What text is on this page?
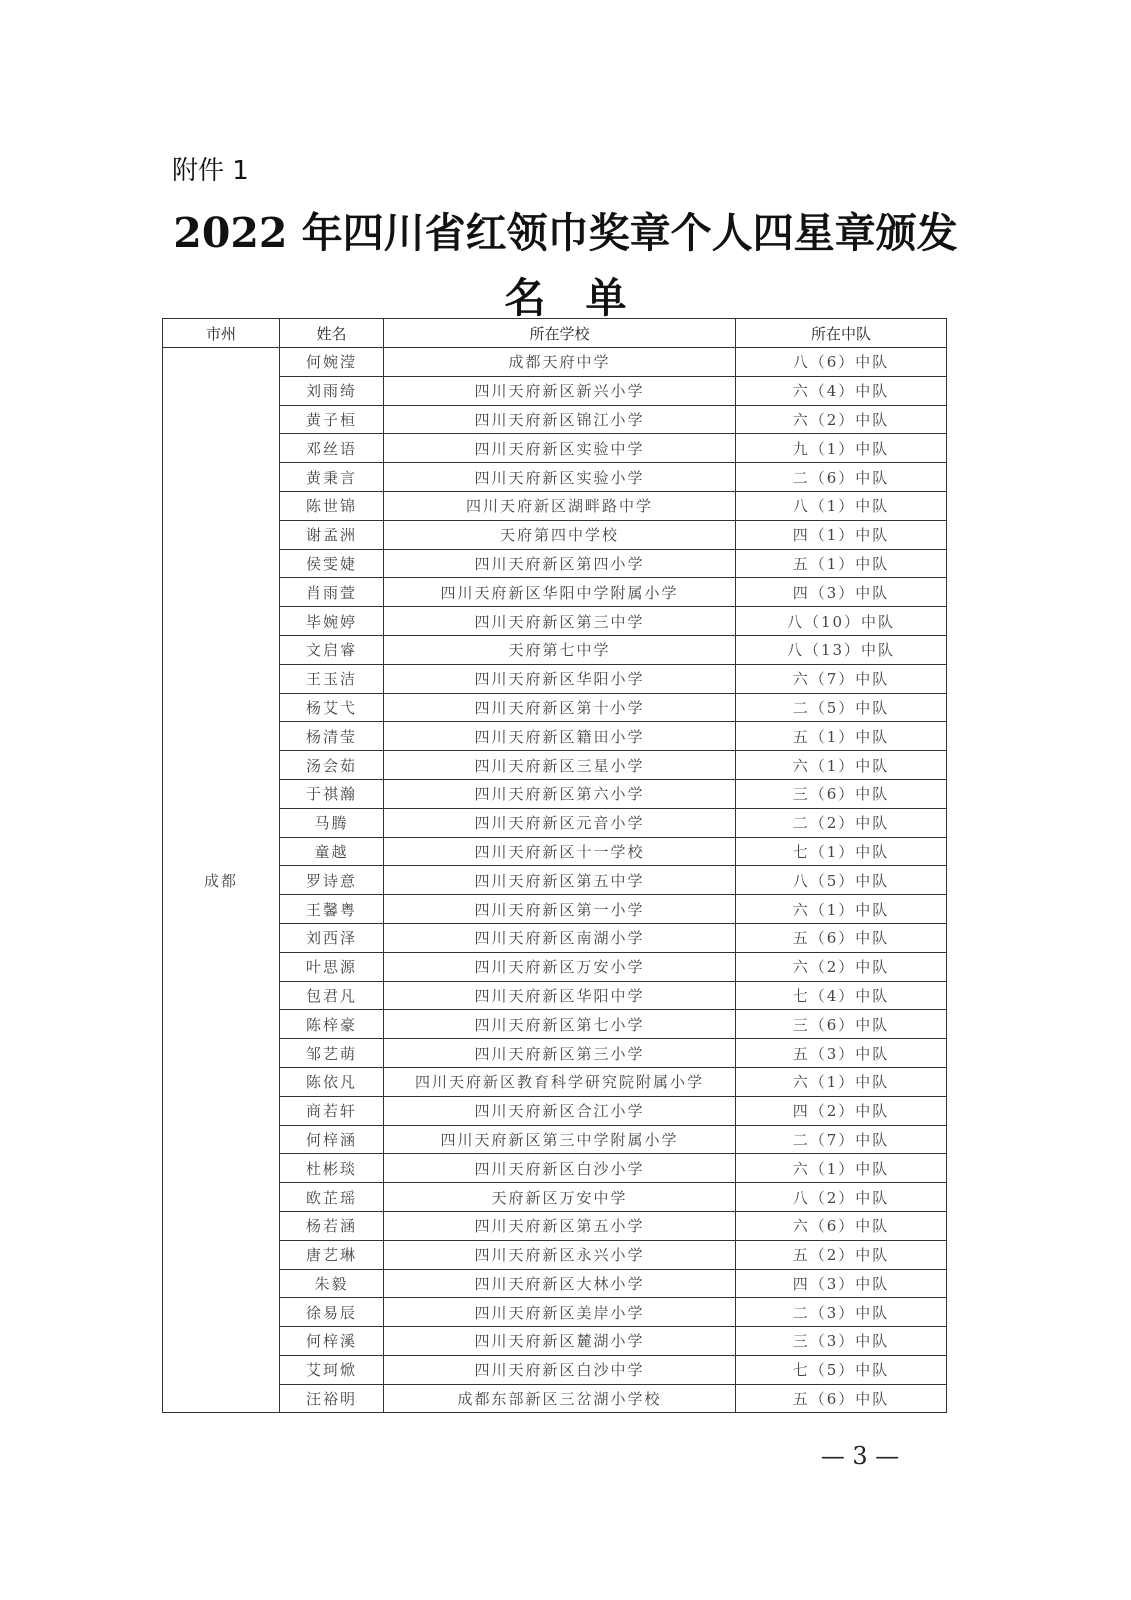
附件 1
2022 年四川省红领巾奖章个人四星章颁发
名单
市州	姓名	所在学校	所在中队
成都	何婉滢	成都天府中学	八（6）中队
	刘雨绮	四川天府新区新兴小学	六（4）中队
	黄子桓	四川天府新区锦江小学	六（2）中队
	邓丝语	四川天府新区实验中学	九（1）中队
	黄秉言	四川天府新区实验小学	二（6）中队
	陈世锦	四川天府新区湖畔路中学	八（1）中队
	谢孟洲	天府第四中学校	四（1）中队
	侯雯婕	四川天府新区第四小学	五（1）中队
	肖雨萱	四川天府新区华阳中学附属小学	四（3）中队
	毕婉婷	四川天府新区第三中学	八（10）中队
	文启睿	天府第七中学	八（13）中队
	王玉洁	四川天府新区华阳小学	六（7）中队
	杨艾弋	四川天府新区第十小学	二（5）中队
	杨清莹	四川天府新区籍田小学	五（1）中队
	汤会茹	四川天府新区三星小学	六（1）中队
	于祺瀚	四川天府新区第六小学	三（6）中队
	马腾	四川天府新区元音小学	二（2）中队
	童越	四川天府新区十一学校	七（1）中队
	罗诗意	四川天府新区第五中学	八（5）中队
	王馨粤	四川天府新区第一小学	六（1）中队
	刘西泽	四川天府新区南湖小学	五（6）中队
	叶思源	四川天府新区万安小学	六（2）中队
	包君凡	四川天府新区华阳中学	七（4）中队
	陈梓豪	四川天府新区第七小学	三（6）中队
	邹艺萌	四川天府新区第三小学	五（3）中队
	陈依凡	四川天府新区教育科学研究院附属小学	六（1）中队
	商若轩	四川天府新区合江小学	四（2）中队
	何梓涵	四川天府新区第三中学附属小学	二（7）中队
	杜彬琰	四川天府新区白沙小学	六（1）中队
	欧芷瑶	天府新区万安中学	八（2）中队
	杨若涵	四川天府新区第五小学	六（6）中队
	唐艺琳	四川天府新区永兴小学	五（2）中队
	朱毅	四川天府新区大林小学	四（3）中队
	徐易辰	四川天府新区美岸小学	二（3）中队
	何梓溪	四川天府新区麓湖小学	三（3）中队
	艾珂焮	四川天府新区白沙中学	七（5）中队
	汪裕明	成都东部新区三岔湖小学校	五（6）中队
— 3 —
